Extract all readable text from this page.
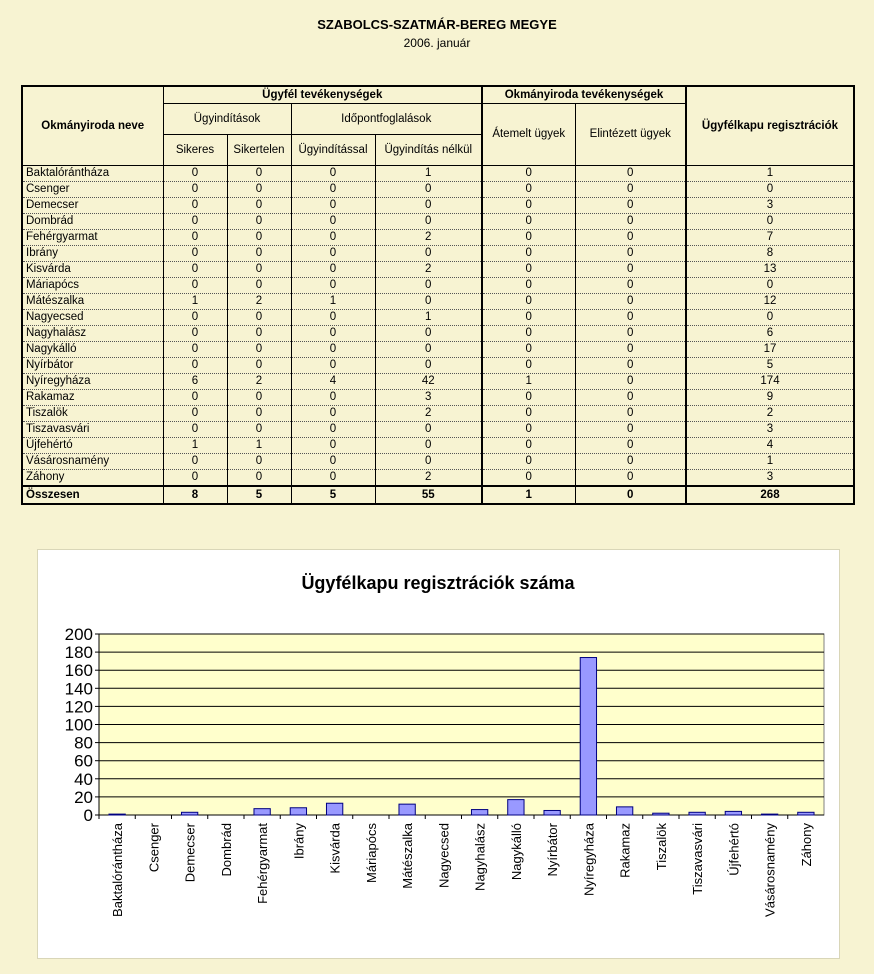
SZABOLCS-SZATMÁR-BEREG MEGYE
2006. január
Okmányiroda neve	Ügyfél tevékenységek				Okmányiroda tevékenységek		Ügyfélkapu regisztrációk
	Ügyindítások		Időpontfoglalások		Átemelt ügyek	Elintézett ügyek	
	Sikeres	Sikertelen	Ügyindítással	Ügyindítás nélkül			
Baktalórántháza	0	0	0	1	0	0	1
Csenger	0	0	0	0	0	0	0
Demecser	0	0	0	0	0	0	3
Dombrád	0	0	0	0	0	0	0
Fehérgyarmat	0	0	0	2	0	0	7
Ibrány	0	0	0	0	0	0	8
Kisvárda	0	0	0	2	0	0	13
Máriapócs	0	0	0	0	0	0	0
Mátészalka	1	2	1	0	0	0	12
Nagyecsed	0	0	0	1	0	0	0
Nagyhalász	0	0	0	0	0	0	6
Nagykálló	0	0	0	0	0	0	17
Nyírbátor	0	0	0	0	0	0	5
Nyíregyháza	6	2	4	42	1	0	174
Rakamaz	0	0	0	3	0	0	9
Tiszalök	0	0	0	2	0	0	2
Tiszavasvári	0	0	0	0	0	0	3
Újfehértó	1	1	0	0	0	0	4
Vásárosnamény	0	0	0	0	0	0	1
Záhony	0	0	0	2	0	0	3
Összesen	8	5	5	55	1	0	268
Ügyfélkapu regisztrációk száma
0
20
40
60
80
100
120
140
160
180
200
Baktalórántháza Csenger Demecser Dombrád Fehérgyarmat Ibrány Kisvárda Máriapócs Mátészalka Nagyecsed Nagyhalász Nagykálló Nyírbátor Nyíregyháza Rakamaz Tiszalök Tiszavasvári Újfehértó Vásárosnamény Záhony
